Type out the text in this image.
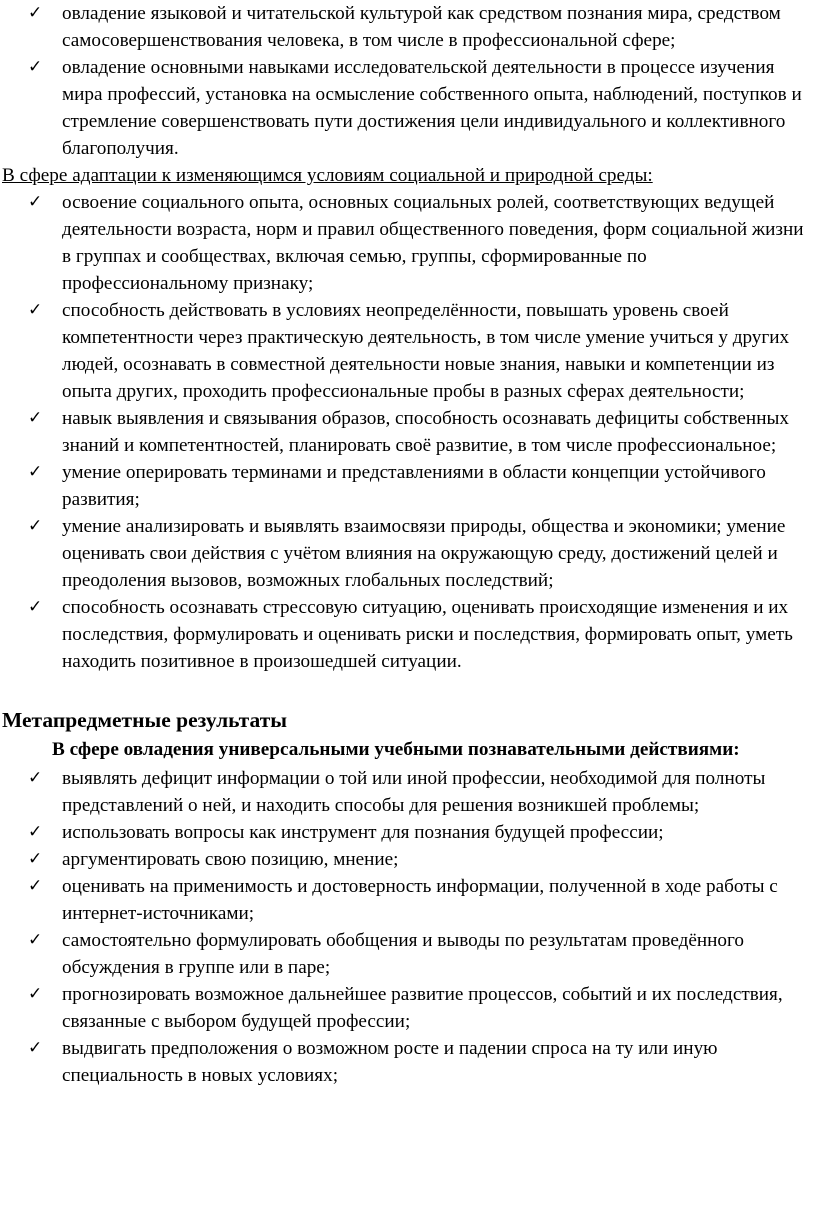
✓ овладение языковой и читательской культурой как средством познания мира, средством самосовершенствования человека, в том числе в профессиональной сфере;
✓ овладение основными навыками исследовательской деятельности в процессе изучения мира профессий, установка на осмысление собственного опыта, наблюдений, поступков и стремление совершенствовать пути достижения цели индивидуального и коллективного благополучия.
В сфере адаптации к изменяющимся условиям социальной и природной среды:
✓ освоение социального опыта, основных социальных ролей, соответствующих ведущей деятельности возраста, норм и правил общественного поведения, форм социальной жизни в группах и сообществах, включая семью, группы, сформированные по профессиональному признаку;
✓ способность действовать в условиях неопределённости, повышать уровень своей компетентности через практическую деятельность, в том числе умение учиться у других людей, осознавать в совместной деятельности новые знания, навыки и компетенции из опыта других, проходить профессиональные пробы в разных сферах деятельности;
✓ навык выявления и связывания образов, способность осознавать дефициты собственных знаний и компетентностей, планировать своё развитие, в том числе профессиональное;
✓ умение оперировать терминами и представлениями в области концепции устойчивого развития;
✓ умение анализировать и выявлять взаимосвязи природы, общества и экономики; умение оценивать свои действия с учётом влияния на окружающую среду, достижений целей и преодоления вызовов, возможных глобальных последствий;
✓ способность осознавать стрессовую ситуацию, оценивать происходящие изменения и их последствия, формулировать и оценивать риски и последствия, формировать опыт, уметь находить позитивное в произошедшей ситуации.
Метапредметные результаты
В сфере овладения универсальными учебными познавательными действиями:
✓ выявлять дефицит информации о той или иной профессии, необходимой для полноты представлений о ней, и находить способы для решения возникшей проблемы;
✓ использовать вопросы как инструмент для познания будущей профессии;
✓ аргументировать свою позицию, мнение;
✓ оценивать на применимость и достоверность информации, полученной в ходе работы с интернет-источниками;
✓ самостоятельно формулировать обобщения и выводы по результатам проведённого обсуждения в группе или в паре;
✓ прогнозировать возможное дальнейшее развитие процессов, событий и их последствия, связанные с выбором будущей профессии;
✓ выдвигать предположения о возможном росте и падении спроса на ту или иную специальность в новых условиях;
